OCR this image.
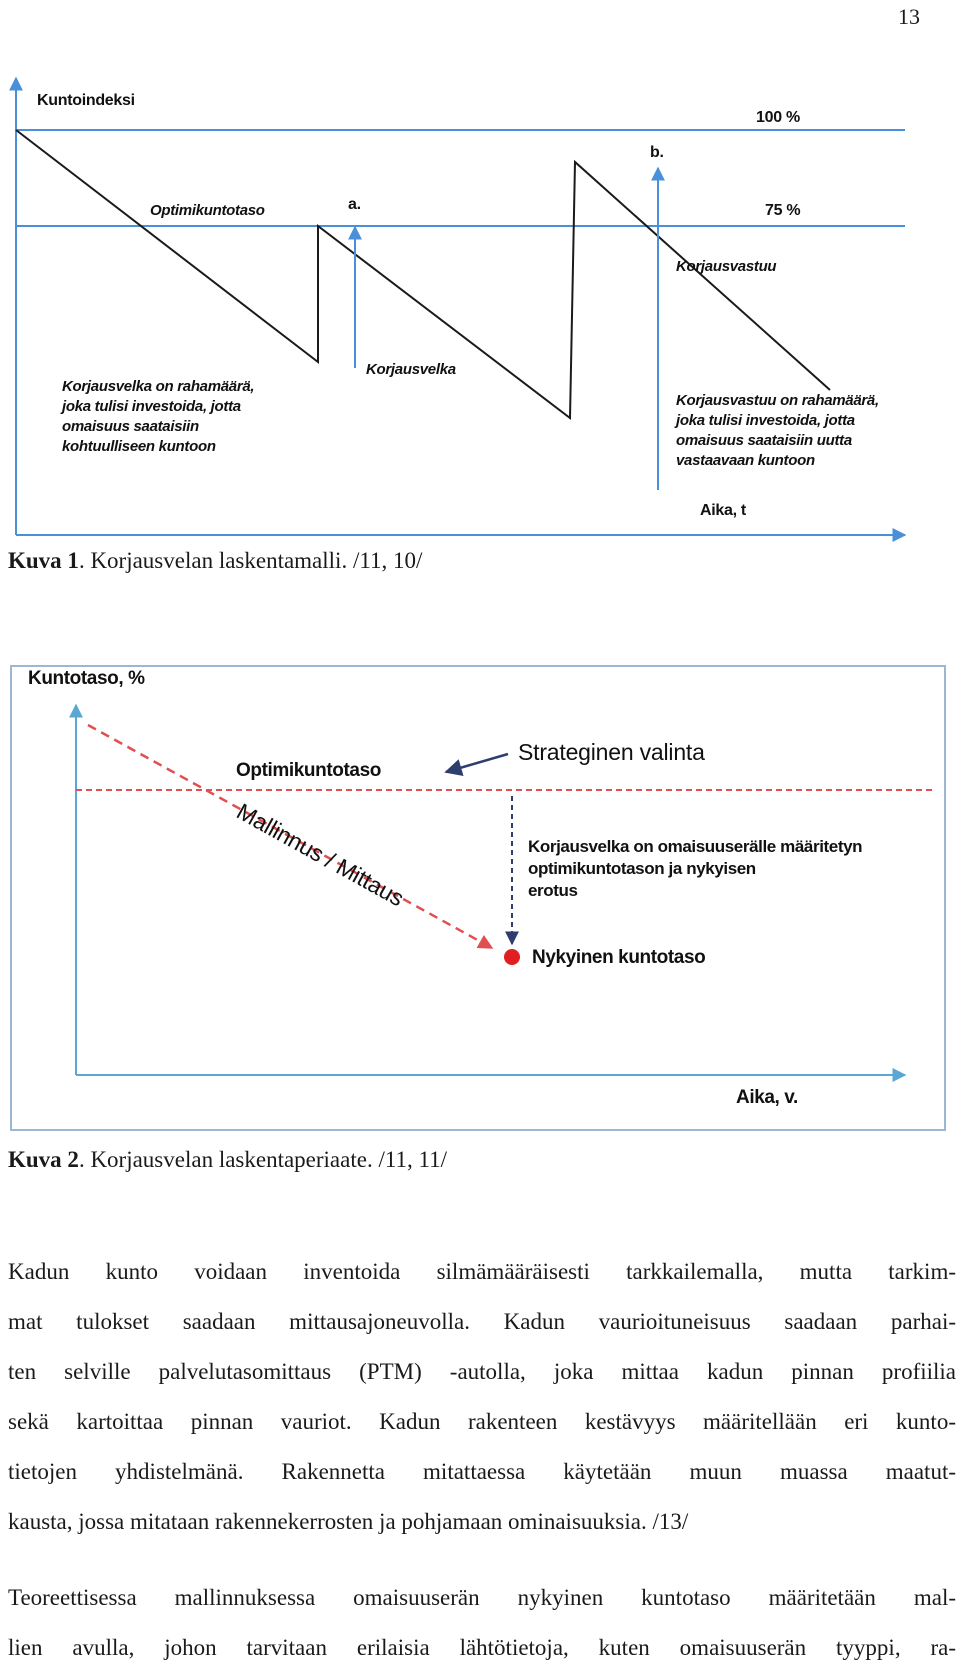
13
Kuntoindeksi
100 %
75 %
b.
a.
Optimikuntotaso
Korjausvastuu
Korjausvelka
Korjausvelka on rahamäärä,
joka tulisi investoida, jotta
omaisuus saataisiin
kohtuulliseen kuntoon
Korjausvastuu on rahamäärä,
joka tulisi investoida, jotta
omaisuus saataisiin uutta
vastaavaan kuntoon
Aika, t
Kuva 1. Korjausvelan laskentamalli. /11, 10/
Kuntotaso, %
Optimikuntotaso
Strateginen valinta
Mallinnus / Mittaus	Korjausvelka on omaisuuserälle määritetyn
optimikuntotason ja nykyisen
erotus
Nykyinen kuntotaso
Aika, v.
Kuva 2. Korjausvelan laskentaperiaate. /11, 11/
Kadun kunto voidaan inventoida silmämääräisesti tarkkailemalla, mutta tarkim-
mat tulokset saadaan mittausajoneuvolla. Kadun vaurioituneisuus saadaan parhai-
ten selville palvelutasomittaus (PTM) -autolla, joka mittaa kadun pinnan profiilia
sekä kartoittaa pinnan vauriot. Kadun rakenteen kestävyys määritellään eri kunto-
tietojen yhdistelmänä. Rakennetta mitattaessa käytetään muun muassa maatut-
kausta, jossa mitataan rakennekerrosten ja pohjamaan ominaisuuksia. /13/
Teoreettisessa mallinnuksessa omaisuuserän nykyinen kuntotaso määritetään mal-
lien avulla, johon tarvitaan erilaisia lähtötietoja, kuten omaisuuserän tyyppi, ra-
